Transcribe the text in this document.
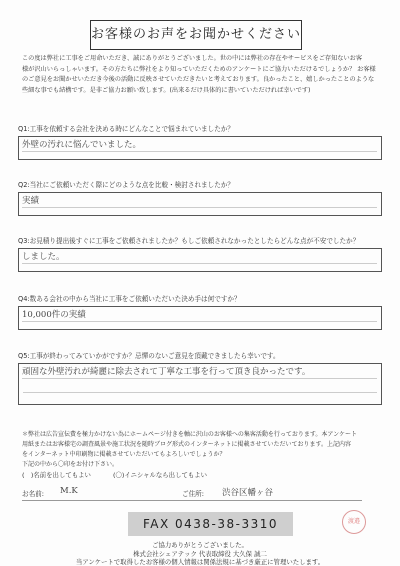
お客様のお声をお聞かせください
この度は弊社に工事をご用命いただき、誠にありがとうございました。世の中には弊社の存在やサービスをご存知ないお客
様が沢山いらっしゃいます。その方たちに弊社をより知っていただくためのアンケートにご協力いただけるでしょうか？ お客様
のご意見をお聞かせいただき今後の活動に反映させていただきたいと考えております。良かったこと、嬉しかったことのような
些細な事でも結構です。是非ご協力お願い致します。(出来るだけ具体的に書いていただければ幸いです)
Q1:工事を依頼する会社を決める時にどんなことで悩まれていましたか？
外壁の汚れに悩んでいました。
Q2:当社にご依頼いただく際にどのような点を比較・検討されましたか？
実績
Q3:お見積り提出後すぐに工事をご依頼されましたか？もしご依頼されなかったとしたらどんな点が不安でしたか？
しました。
Q4:数ある会社の中から当社に工事をご依頼いただいた決め手は何ですか？
10,000件の実績
Q5:工事が終わってみていかがですか？忌憚のないご意見を頂戴できましたら幸いです。
頑固な外壁汚れが綺麗に除去されて丁寧な工事を行って頂き良かったです。
＊弊社は広告宣伝費を極力かけない為にホームページ付きを軸に沢山のお客様への集客活動を行っております。本アンケート
用紙またはお客様宅の調査風景や施工状況を随時ブログ形式のインターネットに掲載させていただいております。上記内容
をインターネット中印刷物に掲載させていただいてもよろしいでしょうか？
下記の中から〇印をお付け下さい。
(　)名前を出してもよい	(〇)イニシャルなら出してもよい
お名前: M.K	ご住所: 渋谷区幡ヶ谷
FAX 0438-38-3310	渡邉
ご協力ありがとうございました。
株式会社シェアテック 代表取締役 大久保 誠二
当アンケートで取得したお客様の個人情報は関係法規に基づき厳正に管理いたします。
